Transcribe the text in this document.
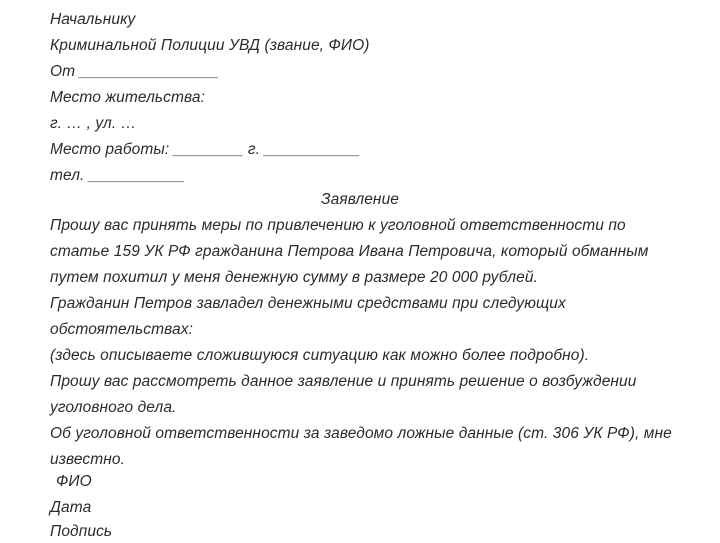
Начальнику
Криминальной Полиции УВД (звание, ФИО)
От ________________
Место жительства:
г. … , ул. …
Место работы: ________ г. ___________
тел. ___________
Заявление
Прошу вас принять меры по привлечению к уголовной ответственности по
статье 159 УК РФ гражданина Петрова Ивана Петровича, который обманным
путем похитил у меня денежную сумму в размере 20 000 рублей.
Гражданин Петров завладел денежными средствами при следующих
обстоятельствах:
(здесь описываете сложившуюся ситуацию как можно более подробно).
Прошу вас рассмотреть данное заявление и принять решение о возбуждении
уголовного дела.
Об уголовной ответственности за заведомо ложные данные (ст. 306 УК РФ), мне
известно.
ФИО
Дата
Подпись
